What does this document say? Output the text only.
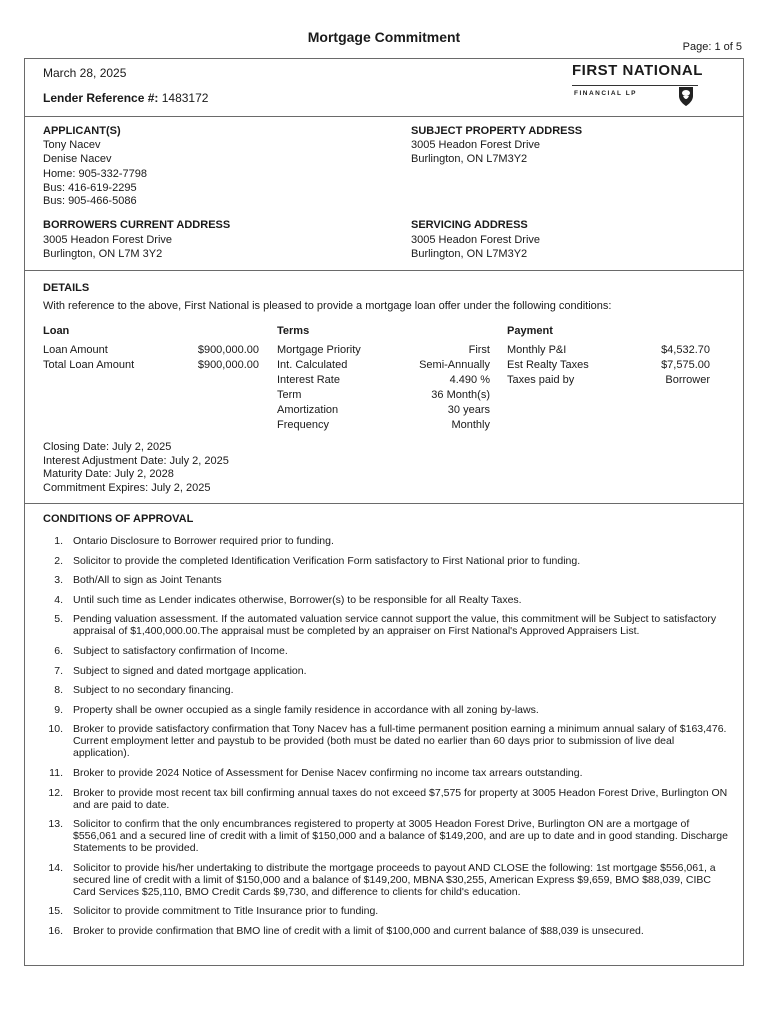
Mortgage Commitment
Page: 1 of 5
March 28, 2025
Lender Reference #: 1483172
FIRST NATIONAL
FINANCIAL LP
APPLICANT(S)
Tony Nacev
Denise Nacev
Home: 905-332-7798
Bus: 416-619-2295
Bus: 905-466-5086
SUBJECT PROPERTY ADDRESS
3005 Headon Forest Drive
Burlington, ON L7M3Y2
BORROWERS CURRENT ADDRESS
3005 Headon Forest Drive
Burlington, ON L7M 3Y2
SERVICING ADDRESS
3005 Headon Forest Drive
Burlington, ON L7M3Y2
DETAILS
With reference to the above, First National is pleased to provide a mortgage loan offer under the following conditions:
Loan	Terms	Payment
Loan Amount	$900,000.00
Total Loan Amount	$900,000.00
Mortgage Priority	First
Int. Calculated	Semi-Annually
Interest Rate	4.490 %
Term	36 Month(s)
Amortization	30 years
Frequency	Monthly
Monthly P&I	$4,532.70
Est Realty Taxes	$7,575.00
Taxes paid by	Borrower
Closing Date: July 2, 2025
Interest Adjustment Date: July 2, 2025
Maturity Date: July 2, 2028
Commitment Expires: July 2, 2025
CONDITIONS OF APPROVAL
1. Ontario Disclosure to Borrower required prior to funding.
2. Solicitor to provide the completed Identification Verification Form satisfactory to First National prior to funding.
3. Both/All to sign as Joint Tenants
4. Until such time as Lender indicates otherwise, Borrower(s) to be responsible for all Realty Taxes.
5. Pending valuation assessment. If the automated valuation service cannot support the value, this commitment will be Subject to satisfactory appraisal of $1,400,000.00.The appraisal must be completed by an appraiser on First National's Approved Appraisers List.
6. Subject to satisfactory confirmation of Income.
7. Subject to signed and dated mortgage application.
8. Subject to no secondary financing.
9. Property shall be owner occupied as a single family residence in accordance with all zoning by-laws.
10. Broker to provide satisfactory confirmation that Tony Nacev has a full-time permanent position earning a minimum annual salary of $163,476. Current employment letter and paystub to be provided (both must be dated no earlier than 60 days prior to submission of live deal application).
11. Broker to provide 2024 Notice of Assessment for Denise Nacev confirming no income tax arrears outstanding.
12. Broker to provide most recent tax bill confirming annual taxes do not exceed $7,575 for property at 3005 Headon Forest Drive, Burlington ON and are paid to date.
13. Solicitor to confirm that the only encumbrances registered to property at 3005 Headon Forest Drive, Burlington ON are a mortgage of $556,061 and a secured line of credit with a limit of $150,000 and a balance of $149,200, and are up to date and in good standing. Discharge Statements to be provided.
14. Solicitor to provide his/her undertaking to distribute the mortgage proceeds to payout AND CLOSE the following: 1st mortgage $556,061, a secured line of credit with a limit of $150,000 and a balance of $149,200, MBNA $30,255, American Express $9,659, BMO $88,039, CIBC Card Services $25,110, BMO Credit Cards $9,730, and difference to clients for child's education.
15. Solicitor to provide commitment to Title Insurance prior to funding.
16. Broker to provide confirmation that BMO line of credit with a limit of $100,000 and current balance of $88,039 is unsecured.
